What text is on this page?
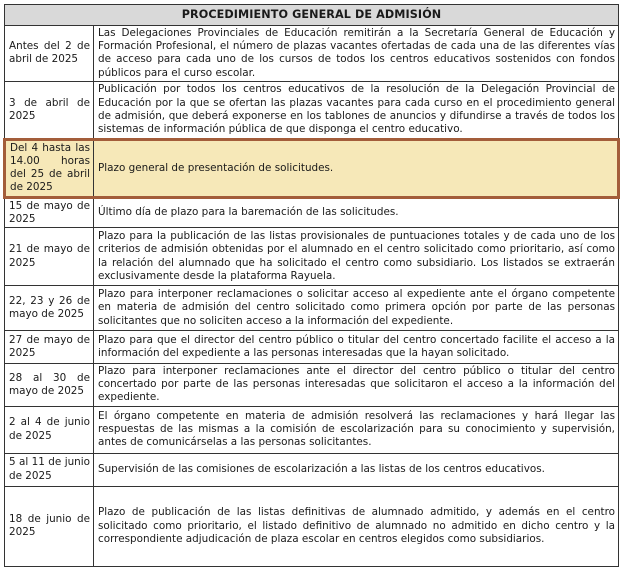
PROCEDIMIENTO GENERAL DE ADMISIÓN	
Antes del 2 de abril de 2025	Las Delegaciones Provinciales de Educación remitirán a la Secretaría General de Educación y Formación Profesional, el número de plazas vacantes ofertadas de cada una de las diferentes vías de acceso para cada uno de los cursos de todos los centros educativos sostenidos con fondos públicos para el curso escolar.
3 de abril de 2025	Publicación por todos los centros educativos de la resolución de la Delegación Provincial de Educación por la que se ofertan las plazas vacantes para cada curso en el procedimiento general de admisión, que deberá exponerse en los tablones de anuncios y difundirse a través de todos los sistemas de información pública de que disponga el centro educativo.
Del 4 hasta las 14.00 horas del 25 de abril de 2025	Plazo general de presentación de solicitudes.
15 de mayo de 2025	Último día de plazo para la baremación de las solicitudes.
21 de mayo de 2025	Plazo para la publicación de las listas provisionales de puntuaciones totales y de cada uno de los criterios de admisión obtenidas por el alumnado en el centro solicitado como prioritario, así como la relación del alumnado que ha solicitado el centro como subsidiario. Los listados se extraerán exclusivamente desde la plataforma Rayuela.
22, 23 y 26 de mayo de 2025	Plazo para interponer reclamaciones o solicitar acceso al expediente ante el órgano competente en materia de admisión del centro solicitado como primera opción por parte de las personas solicitantes que no soliciten acceso a la información del expediente.
27 de mayo de 2025	Plazo para que el director del centro público o titular del centro concertado facilite el acceso a la información del expediente a las personas interesadas que la hayan solicitado.
28 al 30 de mayo de 2025	Plazo para interponer reclamaciones ante el director del centro público o titular del centro concertado por parte de las personas interesadas que solicitaron el acceso a la información del expediente.
2 al 4 de junio de 2025	El órgano competente en materia de admisión resolverá las reclamaciones y hará llegar las respuestas de las mismas a la comisión de escolarización para su conocimiento y supervisión, antes de comunicárselas a las personas solicitantes.
5 al 11 de junio de 2025	Supervisión de las comisiones de escolarización a las listas de los centros educativos.
18 de junio de 2025	Plazo de publicación de las listas definitivas de alumnado admitido, y además en el centro solicitado como prioritario, el listado definitivo de alumnado no admitido en dicho centro y la correspondiente adjudicación de plaza escolar en centros elegidos como subsidiarios.
